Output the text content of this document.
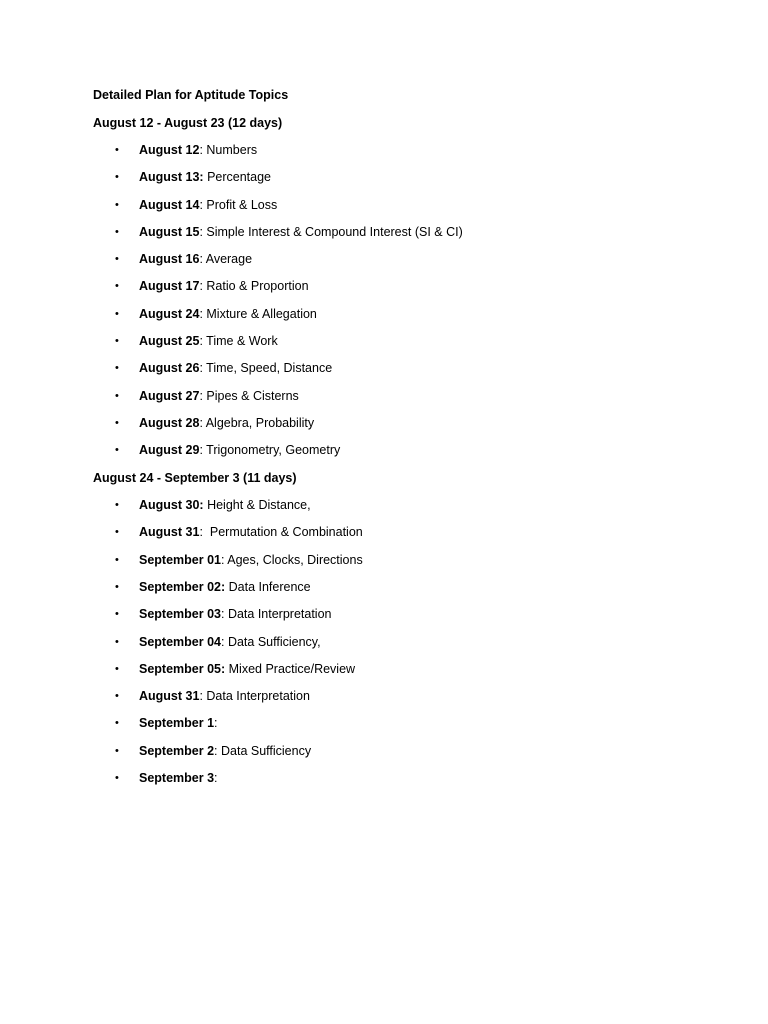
Detailed Plan for Aptitude Topics
August 12 - August 23 (12 days)
• August 12: Numbers
• August 13: Percentage
• August 14: Profit & Loss
• August 15: Simple Interest & Compound Interest (SI & CI)
• August 16: Average
• August 17: Ratio & Proportion
• August 24: Mixture & Allegation
• August 25: Time & Work
• August 26: Time, Speed, Distance
• August 27: Pipes & Cisterns
• August 28: Algebra, Probability
• August 29: Trigonometry, Geometry
August 24 - September 3 (11 days)
• August 30: Height & Distance,
• August 31:  Permutation & Combination
• September 01: Ages, Clocks, Directions
• September 02: Data Inference
• September 03: Data Interpretation
• September 04: Data Sufficiency,
• September 05: Mixed Practice/Review
• August 31: Data Interpretation
• September 1:
• September 2: Data Sufficiency
• September 3:
